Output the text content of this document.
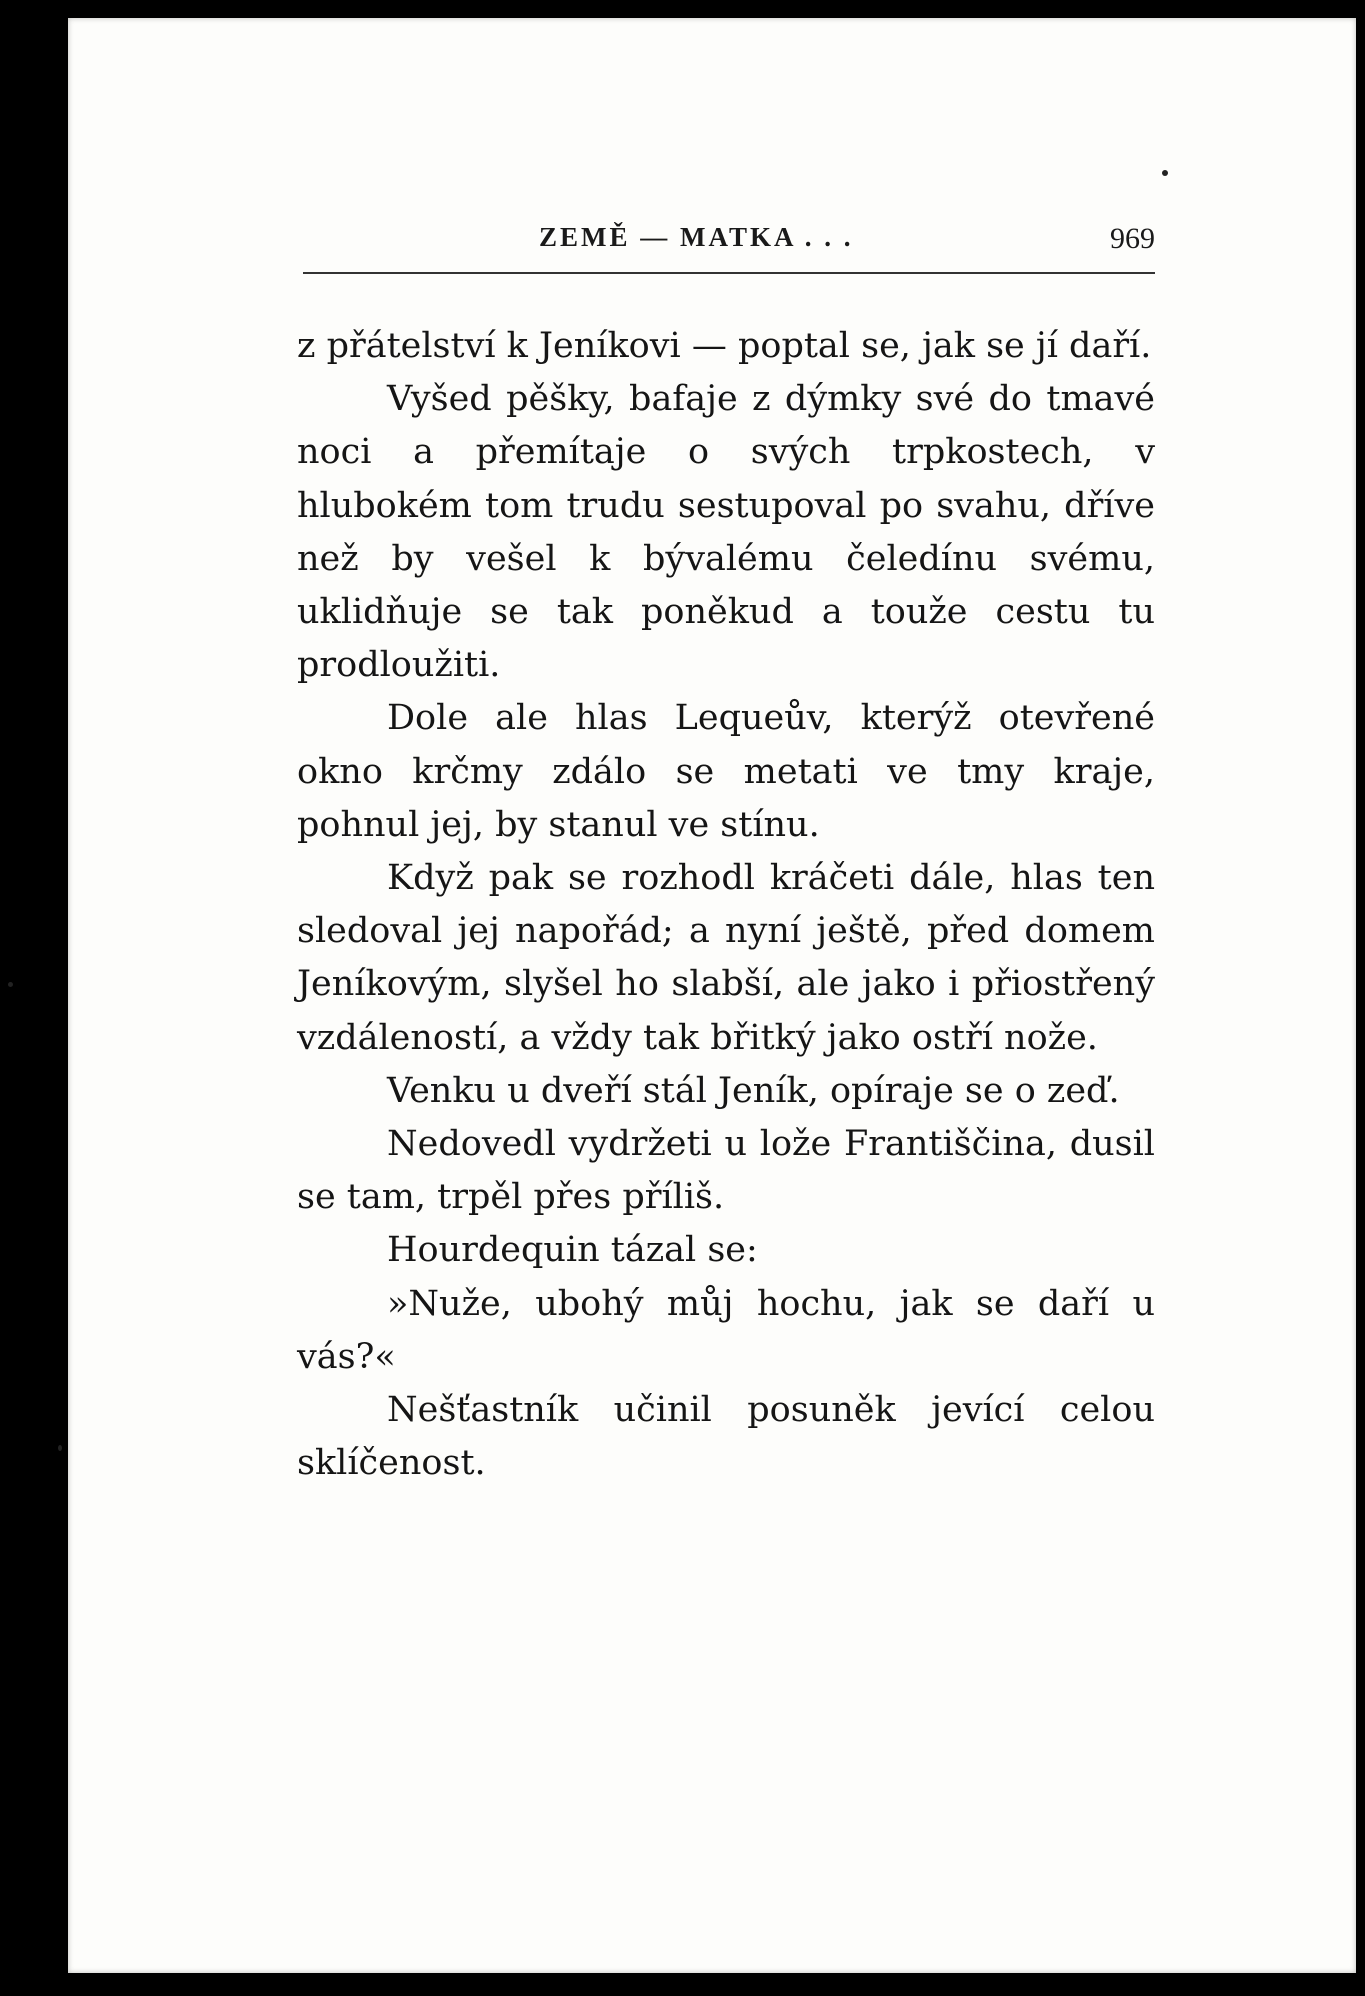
ZEMĚ — MATKA . . .	969

z přátelství k Jeníkovi — poptal se, jak se jí daří.

Vyšed pěšky, bafaje z dýmky své do tmavé noci a přemítaje o svých trpkostech, v hlubokém tom trudu sestupoval po svahu, dříve než by vešel k bývalému čeledínu svému, uklidňuje se tak poněkud a touže cestu tu prodloužiti.

Dole ale hlas Lequeův, kterýž otevřené okno krčmy zdálo se metati ve tmy kraje, pohnul jej, by stanul ve stínu.

Když pak se rozhodl kráčeti dále, hlas ten sledoval jej napořád; a nyní ještě, před domem Jeníkovým, slyšel ho slabší, ale jako i přiostřený vzdáleností, a vždy tak břitký jako ostří nože.

Venku u dveří stál Jeník, opíraje se o zeď.

Nedovedl vydržeti u lože Františčina, dusil se tam, trpěl přes příliš.

Hourdequin tázal se:

»Nuže, ubohý můj hochu, jak se daří u vás?«

Nešťastník učinil posuněk jevící celou sklíčenost.
